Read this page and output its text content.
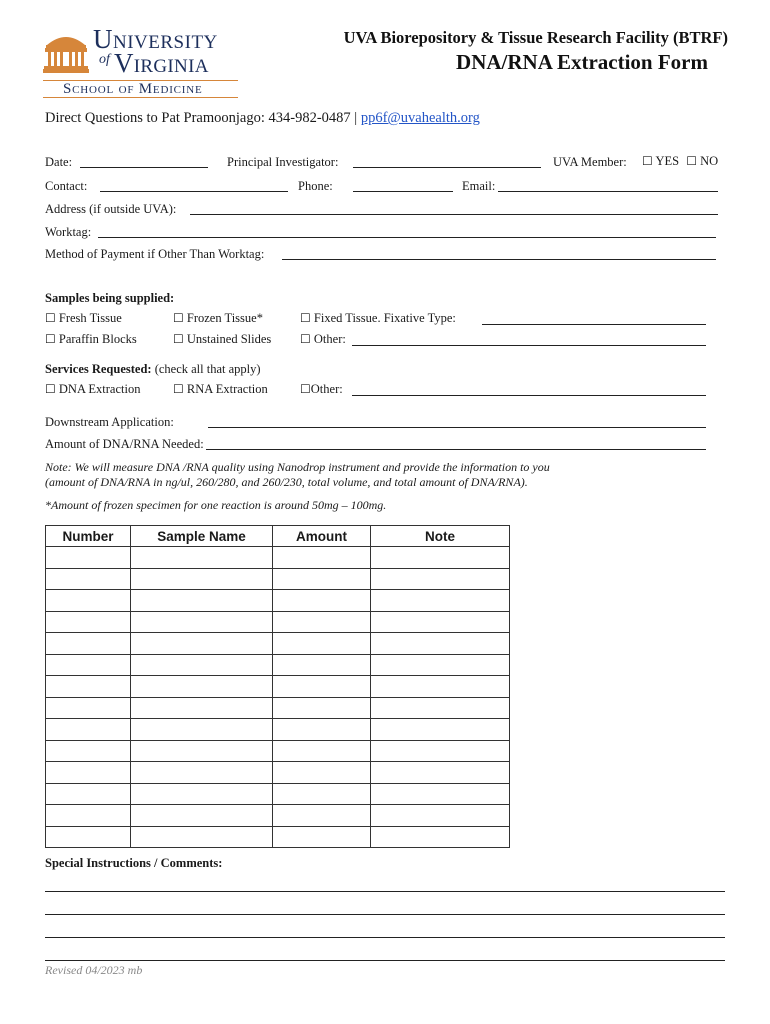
University
of Virginia
School of Medicine
UVA Biorepository & Tissue Research Facility (BTRF)
DNA/RNA Extraction Form
Direct Questions to Pat Pramoonjago: 434-982-0487 | pp6f@uvahealth.org
Date:	Principal Investigator:	UVA Member: ☐ YES ☐ NO
Contact:	Phone:	Email:
Address (if outside UVA):
Worktag:
Method of Payment if Other Than Worktag:
Samples being supplied:
☐ Fresh Tissue	☐ Frozen Tissue*	☐ Fixed Tissue. Fixative Type:
☐ Paraffin Blocks	☐ Unstained Slides ☐ Other:
Services Requested: (check all that apply)
☐ DNA Extraction	☐ RNA Extraction	☐Other:
Downstream Application:
Amount of DNA/RNA Needed:
Note: We will measure DNA /RNA quality using Nanodrop instrument and provide the information to you
(amount of DNA/RNA in ng/ul, 260/280, and 260/230, total volume, and total amount of DNA/RNA).
*Amount of frozen specimen for one reaction is around 50mg – 100mg.
Number	Sample Name	Amount	Note

Special Instructions / Comments:
Revised 04/2023 mb
